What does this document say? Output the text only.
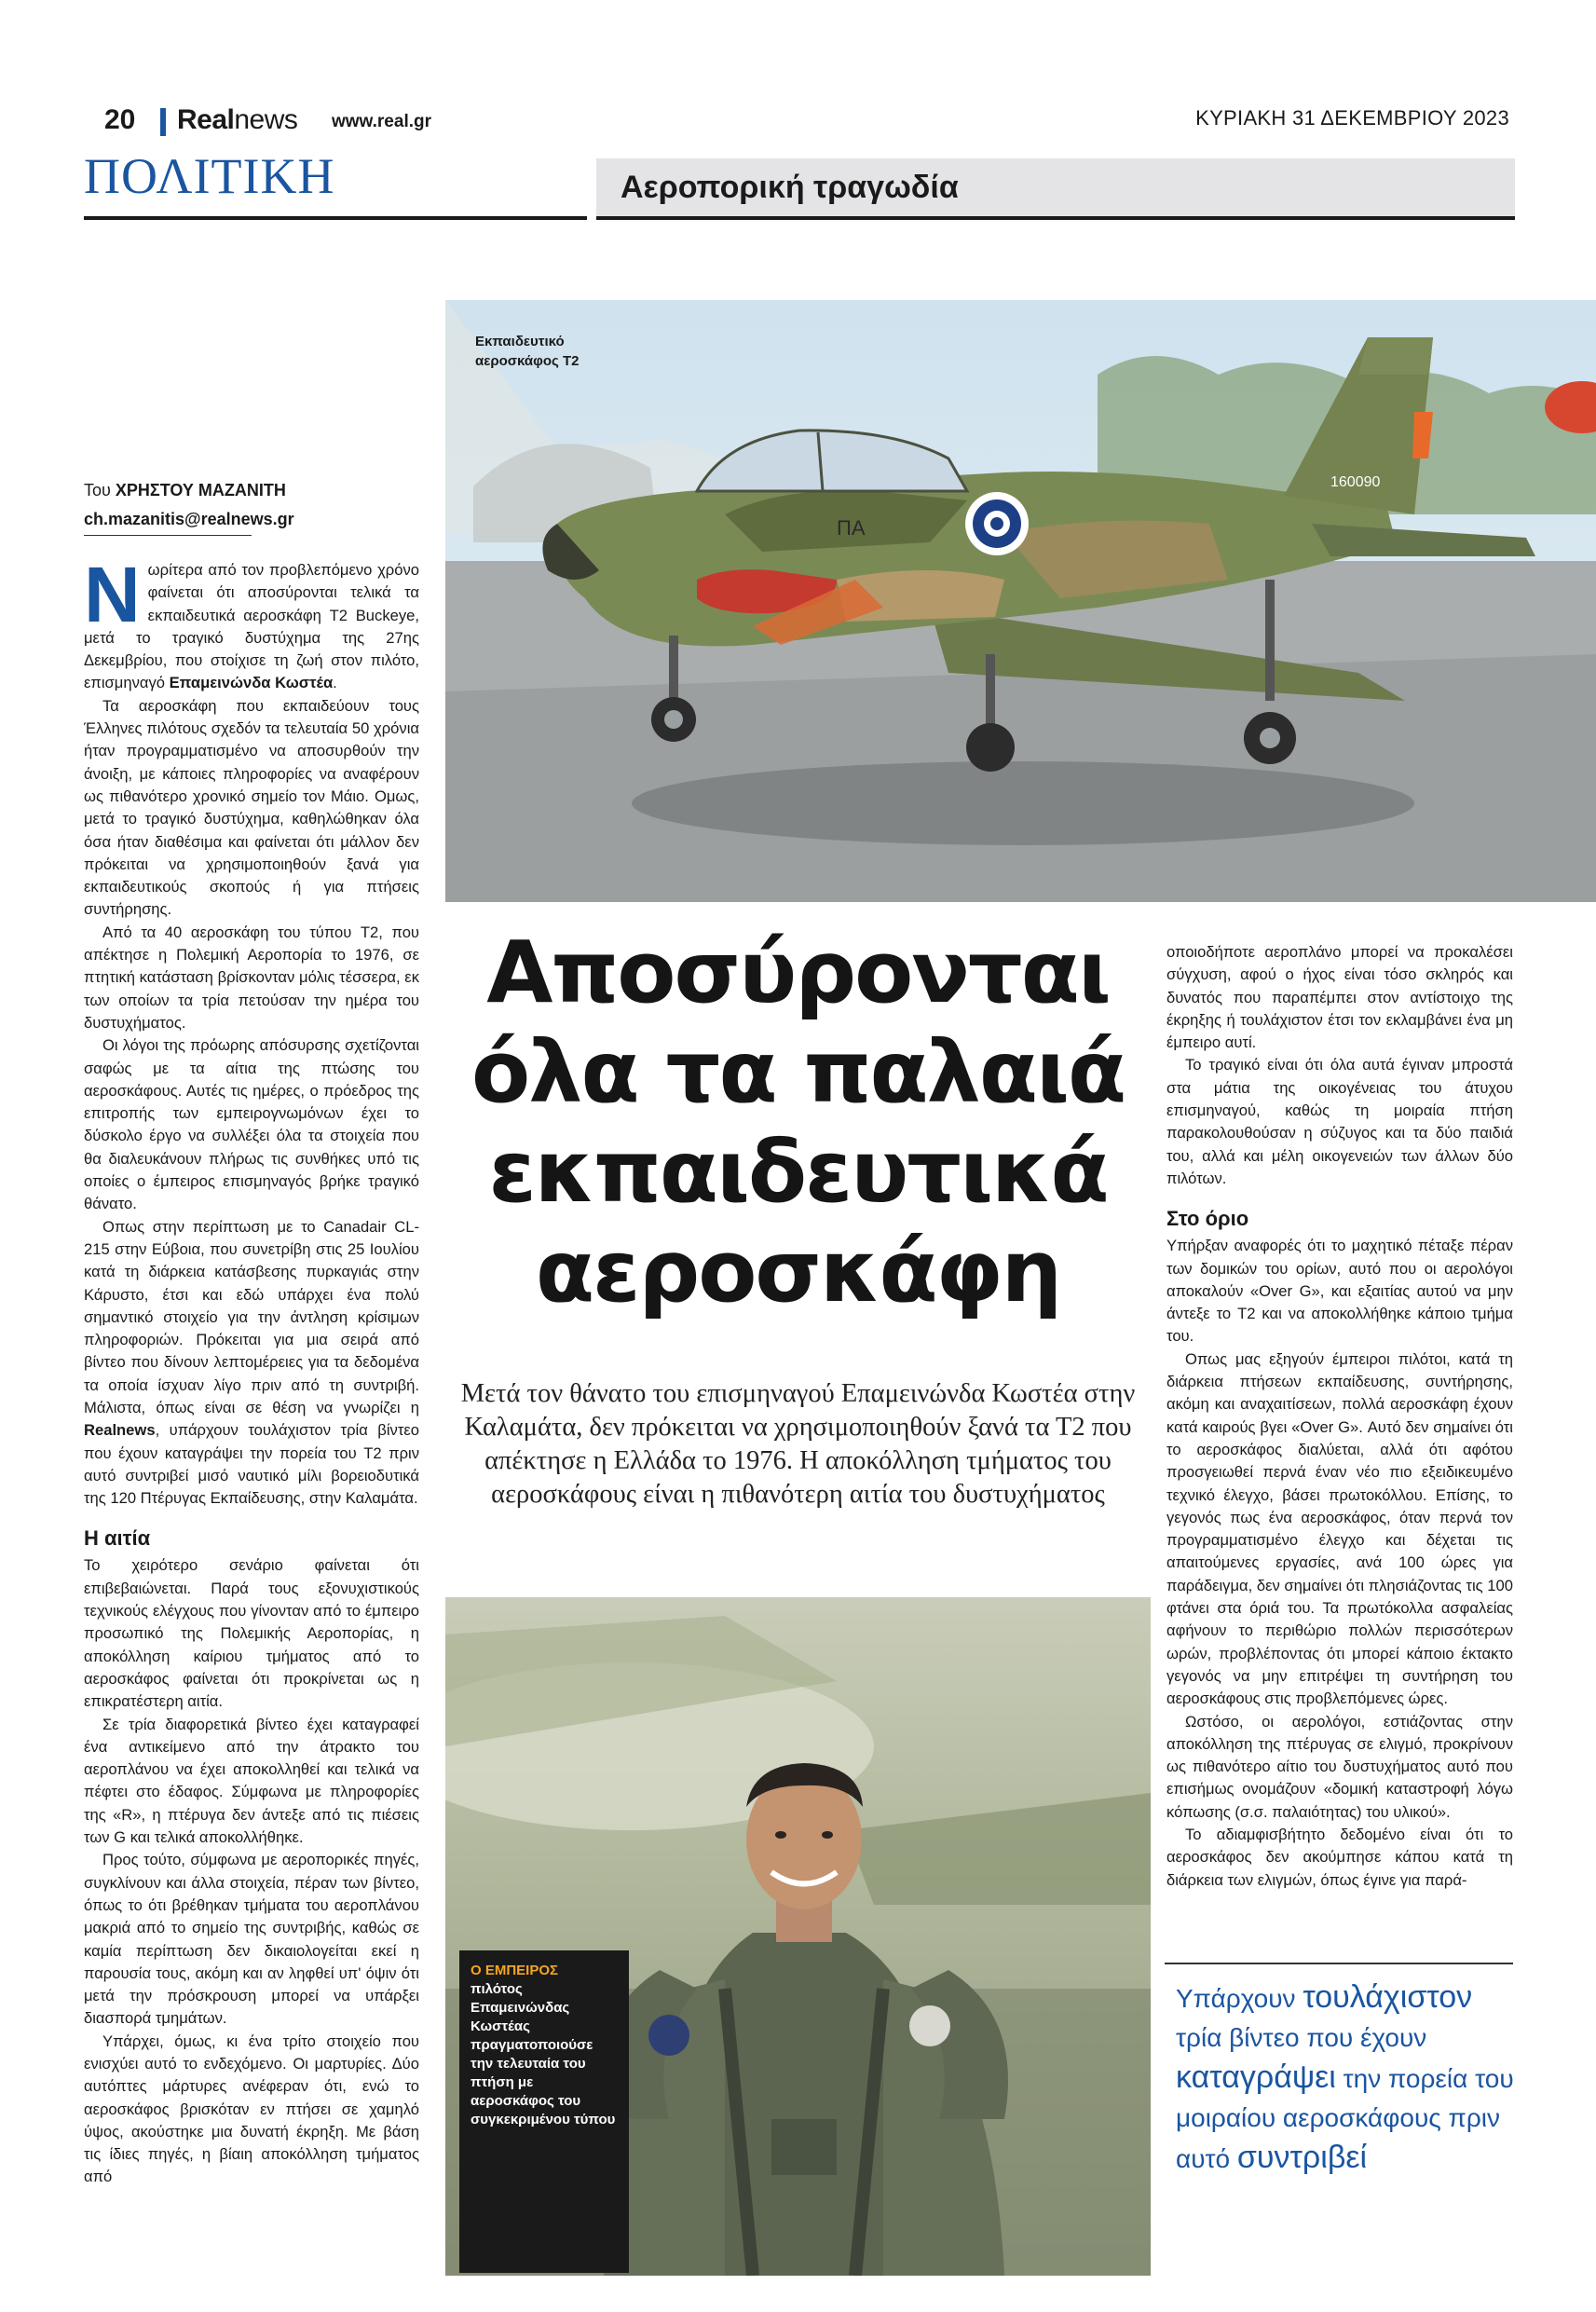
20 Realnews www.real.gr	ΚΥΡΙΑΚΗ 31 ΔΕΚΕΜΒΡΙΟΥ 2023
ΠΟΛΙΤΙΚΗ	Αεροπορική τραγωδία
ΠΑ
160090
Εκπαιδευτικό
αεροσκάφος T2
Του ΧΡΗΣΤΟΥ ΜΑΖΑΝΙΤΗ
ch.mazanitis@realnews.gr

Νωρίτερα από τον προβλεπόμενο χρόνο φαίνεται ότι αποσύρονται τελικά τα εκπαιδευτικά αεροσκάφη T2 Buckeye, μετά το τραγικό δυστύχημα της 27ης Δεκεμβρίου, που στοίχισε τη ζωή στον πιλότο, επισμηναγό Επαμεινώνδα Κωστέα.

Τα αεροσκάφη που εκπαιδεύουν τους Έλληνες πιλότους σχεδόν τα τελευταία 50 χρόνια ήταν προγραμματισμένο να αποσυρθούν την άνοιξη, με κάποιες πληροφορίες να αναφέρουν ως πιθανότερο χρονικό σημείο τον Μάιο. Ομως, μετά το τραγικό δυστύχημα, καθηλώθηκαν όλα όσα ήταν διαθέσιμα και φαίνεται ότι μάλλον δεν πρόκειται να χρησιμοποιηθούν ξανά για εκπαιδευτικούς σκοπούς ή για πτήσεις συντήρησης.

Από τα 40 αεροσκάφη του τύπου T2, που απέκτησε η Πολεμική Αεροπορία το 1976, σε πτητική κατάσταση βρίσκονταν μόλις τέσσερα, εκ των οποίων τα τρία πετούσαν την ημέρα του δυστυχήματος.

Οι λόγοι της πρόωρης απόσυρσης σχετίζονται σαφώς με τα αίτια της πτώσης του αεροσκάφους. Αυτές τις ημέρες, ο πρόεδρος της επιτροπής των εμπειρογνωμόνων έχει το δύσκολο έργο να συλλέξει όλα τα στοιχεία που θα διαλευκάνουν πλήρως τις συνθήκες υπό τις οποίες ο έμπειρος επισμηναγός βρήκε τραγικό θάνατο.

Οπως στην περίπτωση με το Canadair CL-215 στην Εύβοια, που συνετρίβη στις 25 Ιουλίου κατά τη διάρκεια κατάσβεσης πυρκαγιάς στην Κάρυστο, έτσι και εδώ υπάρχει ένα πολύ σημαντικό στοιχείο για την άντληση κρίσιμων πληροφοριών. Πρόκειται για μια σειρά από βίντεο που δίνουν λεπτομέρειες για τα δεδομένα τα οποία ίσχυαν λίγο πριν από τη συντριβή. Μάλιστα, όπως είναι σε θέση να γνωρίζει η Realnews, υπάρχουν τουλάχιστον τρία βίντεο που έχουν καταγράψει την πορεία του T2 πριν αυτό συντριβεί μισό ναυτικό μίλι βορειοδυτικά της 120 Πτέρυγας Εκπαίδευσης, στην Καλαμάτα.

Η αιτία

Το χειρότερο σενάριο φαίνεται ότι επιβεβαιώνεται. Παρά τους εξονυχιστικούς τεχνικούς ελέγχους που γίνονταν από το έμπειρο προσωπικό της Πολεμικής Αεροπορίας, η αποκόλληση καίριου τμήματος από το αεροσκάφος φαίνεται ότι προκρίνεται ως η επικρατέστερη αιτία.

Σε τρία διαφορετικά βίντεο έχει καταγραφεί ένα αντικείμενο από την άτρακτο του αεροπλάνου να έχει αποκολληθεί και τελικά να πέφτει στο έδαφος. Σύμφωνα με πληροφορίες της «R», η πτέρυγα δεν άντεξε από τις πιέσεις των G και τελικά αποκολλήθηκε.

Προς τούτο, σύμφωνα με αεροπορικές πηγές, συγκλίνουν και άλλα στοιχεία, πέραν των βίντεο, όπως το ότι βρέθηκαν τμήματα του αεροπλάνου μακριά από το σημείο της συντριβής, καθώς σε καμία περίπτωση δεν δικαιολογείται εκεί η παρουσία τους, ακόμη και αν ληφθεί υπ' όψιν ότι μετά την πρόσκρουση μπορεί να υπάρξει διασπορά τμημάτων.

Υπάρχει, όμως, κι ένα τρίτο στοιχείο που ενισχύει αυτό το ενδεχόμενο. Οι μαρτυρίες. Δύο αυτόπτες μάρτυρες ανέφεραν ότι, ενώ το αεροσκάφος βρισκόταν εν πτήσει σε χαμηλό ύψος, ακούστηκε μια δυνατή έκρηξη. Με βάση τις ίδιες πηγές, η βίαιη αποκόλληση τμήματος από

Αποσύρονται
όλα τα παλαιά
εκπαιδευτικά
αεροσκάφη
Μετά τον θάνατο του επισμηναγού Επαμεινώνδα Κωστέα στην Καλαμάτα, δεν πρόκειται να χρησιμοποιηθούν ξανά τα Τ2 που απέκτησε η Ελλάδα το 1976. Η αποκόλληση τμήματος του αεροσκάφους είναι η πιθανότερη αιτία του δυστυχήματος
Ο ΕΜΠΕΙΡΟΣ
πιλότος Επαμεινώνδας Κωστέας πραγματοποιούσε την τελευταία του πτήση με αεροσκάφος του συγκεκριμένου τύπου

οποιοδήποτε αεροπλάνο μπορεί να προκαλέσει σύγχυση, αφού ο ήχος είναι τόσο σκληρός και δυνατός που παραπέμπει στον αντίστοιχο της έκρηξης ή τουλάχιστον έτσι τον εκλαμβάνει ένα μη έμπειρο αυτί.

Το τραγικό είναι ότι όλα αυτά έγιναν μπροστά στα μάτια της οικογένειας του άτυχου επισμηναγού, καθώς τη μοιραία πτήση παρακολουθούσαν η σύζυγος και τα δύο παιδιά του, αλλά και μέλη οικογενειών των άλλων δύο πιλότων.

Στο όριο

Υπήρξαν αναφορές ότι το μαχητικό πέταξε πέραν των δομικών του ορίων, αυτό που οι αερολόγοι αποκαλούν «Over G», και εξαιτίας αυτού να μην άντεξε το T2 και να αποκολλήθηκε κάποιο τμήμα του.

Οπως μας εξηγούν έμπειροι πιλότοι, κατά τη διάρκεια πτήσεων εκπαίδευσης, συντήρησης, ακόμη και αναχαιτίσεων, πολλά αεροσκάφη έχουν κατά καιρούς βγει «Over G». Αυτό δεν σημαίνει ότι το αεροσκάφος διαλύεται, αλλά ότι αφότου προσγειωθεί περνά έναν νέο πιο εξειδικευμένο τεχνικό έλεγχο, βάσει πρωτοκόλλου. Επίσης, το γεγονός πως ένα αεροσκάφος, όταν περνά τον προγραμματισμένο έλεγχο και δέχεται τις απαιτούμενες εργασίες, ανά 100 ώρες για παράδειγμα, δεν σημαίνει ότι πλησιάζοντας τις 100 φτάνει στα όριά του. Τα πρωτόκολλα ασφαλείας αφήνουν το περιθώριο πολλών περισσότερων ωρών, προβλέποντας ότι μπορεί κάποιο έκτακτο γεγονός να μην επιτρέψει τη συντήρηση του αεροσκάφους στις προβλεπόμενες ώρες.

Ωστόσο, οι αερολόγοι, εστιάζοντας στην αποκόλληση της πτέρυγας σε ελιγμό, προκρίνουν ως πιθανότερο αίτιο του δυστυχήματος αυτό που επισήμως ονομάζουν «δομική καταστροφή λόγω κόπωσης (σ.σ. παλαιότητας) του υλικού».

Το αδιαμφισβήτητο δεδομένο είναι ότι το αεροσκάφος δεν ακούμπησε κάπου κατά τη διάρκεια των ελιγμών, όπως έγινε για παρά-

Υπάρχουν τουλάχιστον τρία βίντεο που έχουν καταγράψει την πορεία του μοιραίου αεροσκάφους πριν αυτό συντριβεί
